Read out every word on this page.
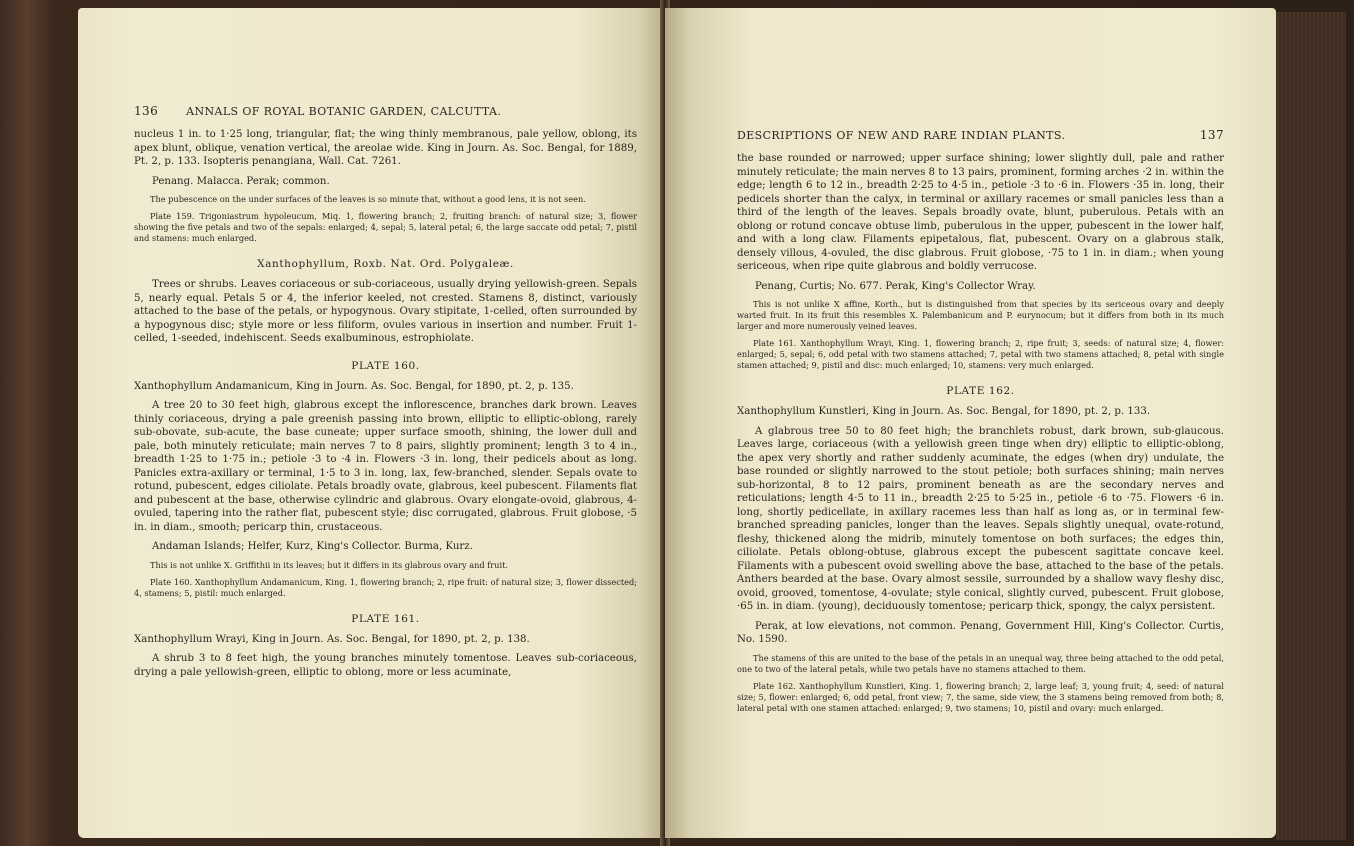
136	ANNALS OF ROYAL BOTANIC GARDEN, CALCUTTA.

nucleus 1 in. to 1·25 long, triangular, flat; the wing thinly membranous, pale yellow, oblong, its apex blunt, oblique, venation vertical, the areolae wide. King in Journ. As. Soc. Bengal, for 1889, Pt. 2, p. 133. Isopteris penangiana, Wall. Cat. 7261.

Penang. Malacca. Perak; common.

The pubescence on the under surfaces of the leaves is so minute that, without a good lens, it is not seen.

Plate 159. Trigoniastrum hypoleucum, Miq. 1, flowering branch; 2, fruiting branch: of natural size; 3, flower showing the five petals and two of the sepals: enlarged; 4, sepal; 5, lateral petal; 6, the large saccate odd petal; 7, pistil and stamens: much enlarged.

Xanthophyllum, Roxb. Nat. Ord. Polygaleæ.

Trees or shrubs. Leaves coriaceous or sub-coriaceous, usually drying yellowish-green. Sepals 5, nearly equal. Petals 5 or 4, the inferior keeled, not crested. Stamens 8, distinct, variously attached to the base of the petals, or hypogynous. Ovary stipitate, 1-celled, often surrounded by a hypogynous disc; style more or less filiform, ovules various in insertion and number. Fruit 1-celled, 1-seeded, indehiscent. Seeds exalbuminous, estrophiolate.

PLATE 160.

Xanthophyllum Andamanicum, King in Journ. As. Soc. Bengal, for 1890, pt. 2, p. 135.

A tree 20 to 30 feet high, glabrous except the inflorescence, branches dark brown. Leaves thinly coriaceous, drying a pale greenish passing into brown, elliptic to elliptic-oblong, rarely sub-obovate, sub-acute, the base cuneate; upper surface smooth, shining, the lower dull and pale, both minutely reticulate; main nerves 7 to 8 pairs, slightly prominent; length 3 to 4 in., breadth 1·25 to 1·75 in.; petiole ·3 to ·4 in. Flowers ·3 in. long, their pedicels about as long. Panicles extra-axillary or terminal, 1·5 to 3 in. long, lax, few-branched, slender. Sepals ovate to rotund, pubescent, edges ciliolate. Petals broadly ovate, glabrous, keel pubescent. Filaments flat and pubescent at the base, otherwise cylindric and glabrous. Ovary elongate-ovoid, glabrous, 4-ovuled, tapering into the rather flat, pubescent style; disc corrugated, glabrous. Fruit globose, ·5 in. in diam., smooth; pericarp thin, crustaceous.

Andaman Islands; Helfer, Kurz, King's Collector. Burma, Kurz.

This is not unlike X. Griffithii in its leaves; but it differs in its glabrous ovary and fruit.

Plate 160. Xanthophyllum Andamanicum, King. 1, flowering branch; 2, ripe fruit: of natural size; 3, flower dissected; 4, stamens; 5, pistil: much enlarged.

PLATE 161.

Xanthophyllum Wrayi, King in Journ. As. Soc. Bengal, for 1890, pt. 2, p. 138.

A shrub 3 to 8 feet high, the young branches minutely tomentose. Leaves sub-coriaceous, drying a pale yellowish-green, elliptic to oblong, more or less acuminate,

DESCRIPTIONS OF NEW AND RARE INDIAN PLANTS.	137

the base rounded or narrowed; upper surface shining; lower slightly dull, pale and rather minutely reticulate; the main nerves 8 to 13 pairs, prominent, forming arches ·2 in. within the edge; length 6 to 12 in., breadth 2·25 to 4·5 in., petiole ·3 to ·6 in. Flowers ·35 in. long, their pedicels shorter than the calyx, in terminal or axillary racemes or small panicles less than a third of the length of the leaves. Sepals broadly ovate, blunt, puberulous. Petals with an oblong or rotund concave obtuse limb, puberulous in the upper, pubescent in the lower half, and with a long claw. Filaments epipetalous, flat, pubescent. Ovary on a glabrous stalk, densely villous, 4-ovuled, the disc glabrous. Fruit globose, ·75 to 1 in. in diam.; when young sericeous, when ripe quite glabrous and boldly verrucose.

Penang, Curtis; No. 677. Perak, King's Collector Wray.

This is not unlike X affine, Korth., but is distinguished from that species by its sericeous ovary and deeply warted fruit. In its fruit this resembles X. Palembanicum and P. eurynocum; but it differs from both in its much larger and more numerously veined leaves.

Plate 161. Xanthophyllum Wrayi, King. 1, flowering branch; 2, ripe fruit; 3, seeds: of natural size; 4, flower: enlarged; 5, sepal; 6, odd petal with two stamens attached; 7, petal with two stamens attached; 8, petal with single stamen attached; 9, pistil and disc: much enlarged; 10, stamens: very much enlarged.

PLATE 162.

Xanthophyllum Kunstleri, King in Journ. As. Soc. Bengal, for 1890, pt. 2, p. 133.

A glabrous tree 50 to 80 feet high; the branchlets robust, dark brown, sub-glaucous. Leaves large, coriaceous (with a yellowish green tinge when dry) elliptic to elliptic-oblong, the apex very shortly and rather suddenly acuminate, the edges (when dry) undulate, the base rounded or slightly narrowed to the stout petiole; both surfaces shining; main nerves sub-horizontal, 8 to 12 pairs, prominent beneath as are the secondary nerves and reticulations; length 4·5 to 11 in., breadth 2·25 to 5·25 in., petiole ·6 to ·75. Flowers ·6 in. long, shortly pedicellate, in axillary racemes less than half as long as, or in terminal few-branched spreading panicles, longer than the leaves. Sepals slightly unequal, ovate-rotund, fleshy, thickened along the midrib, minutely tomentose on both surfaces; the edges thin, ciliolate. Petals oblong-obtuse, glabrous except the pubescent sagittate concave keel. Filaments with a pubescent ovoid swelling above the base, attached to the base of the petals. Anthers bearded at the base. Ovary almost sessile, surrounded by a shallow wavy fleshy disc, ovoid, grooved, tomentose, 4-ovulate; style conical, slightly curved, pubescent. Fruit globose, ·65 in. in diam. (young), deciduously tomentose; pericarp thick, spongy, the calyx persistent.

Perak, at low elevations, not common. Penang, Government Hill, King's Collector. Curtis, No. 1590.

The stamens of this are united to the base of the petals in an unequal way, three being attached to the odd petal, one to two of the lateral petals, while two petals have no stamens attached to them.

Plate 162. Xanthophyllum Kunstleri, King. 1, flowering branch; 2, large leaf; 3, young fruit; 4, seed: of natural size; 5, flower: enlarged; 6, odd petal, front view; 7, the same, side view, the 3 stamens being removed from both; 8, lateral petal with one stamen attached: enlarged; 9, two stamens; 10, pistil and ovary: much enlarged.
